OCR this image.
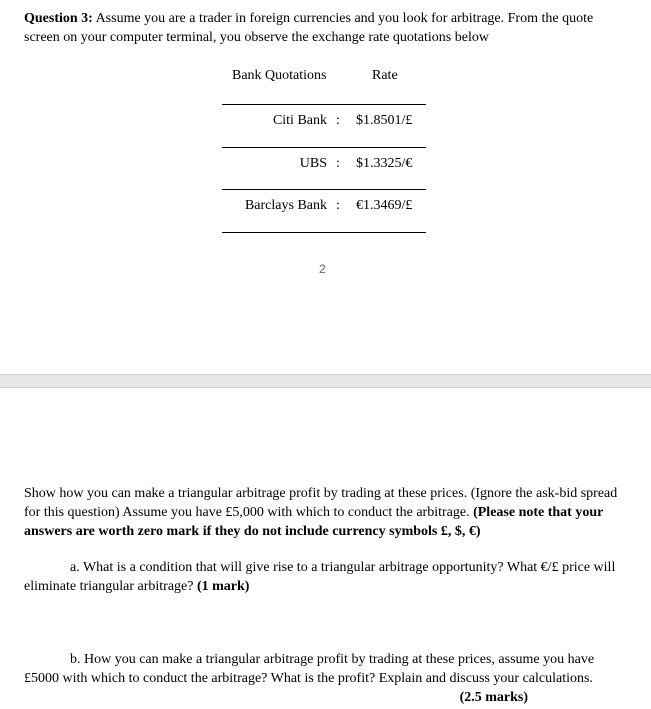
Question 3: Assume you are a trader in foreign currencies and you look for arbitrage. From the quote screen on your computer terminal, you observe the exchange rate quotations below

Bank Quotations	Rate
Citi Bank : $1.8501/£
UBS : $1.3325/€
Barclays Bank : €1.3469/£
2

Show how you can make a triangular arbitrage profit by trading at these prices. (Ignore the ask-bid spread for this question) Assume you have £5,000 with which to conduct the arbitrage. (Please note that your answers are worth zero mark if they do not include currency symbols £, $, €)

a. What is a condition that will give rise to a triangular arbitrage opportunity? What €/£ price will eliminate triangular arbitrage? (1 mark)

b. How you can make a triangular arbitrage profit by trading at these prices, assume you have £5000 with which to conduct the arbitrage? What is the profit? Explain and discuss your calculations.
(2.5 marks)
